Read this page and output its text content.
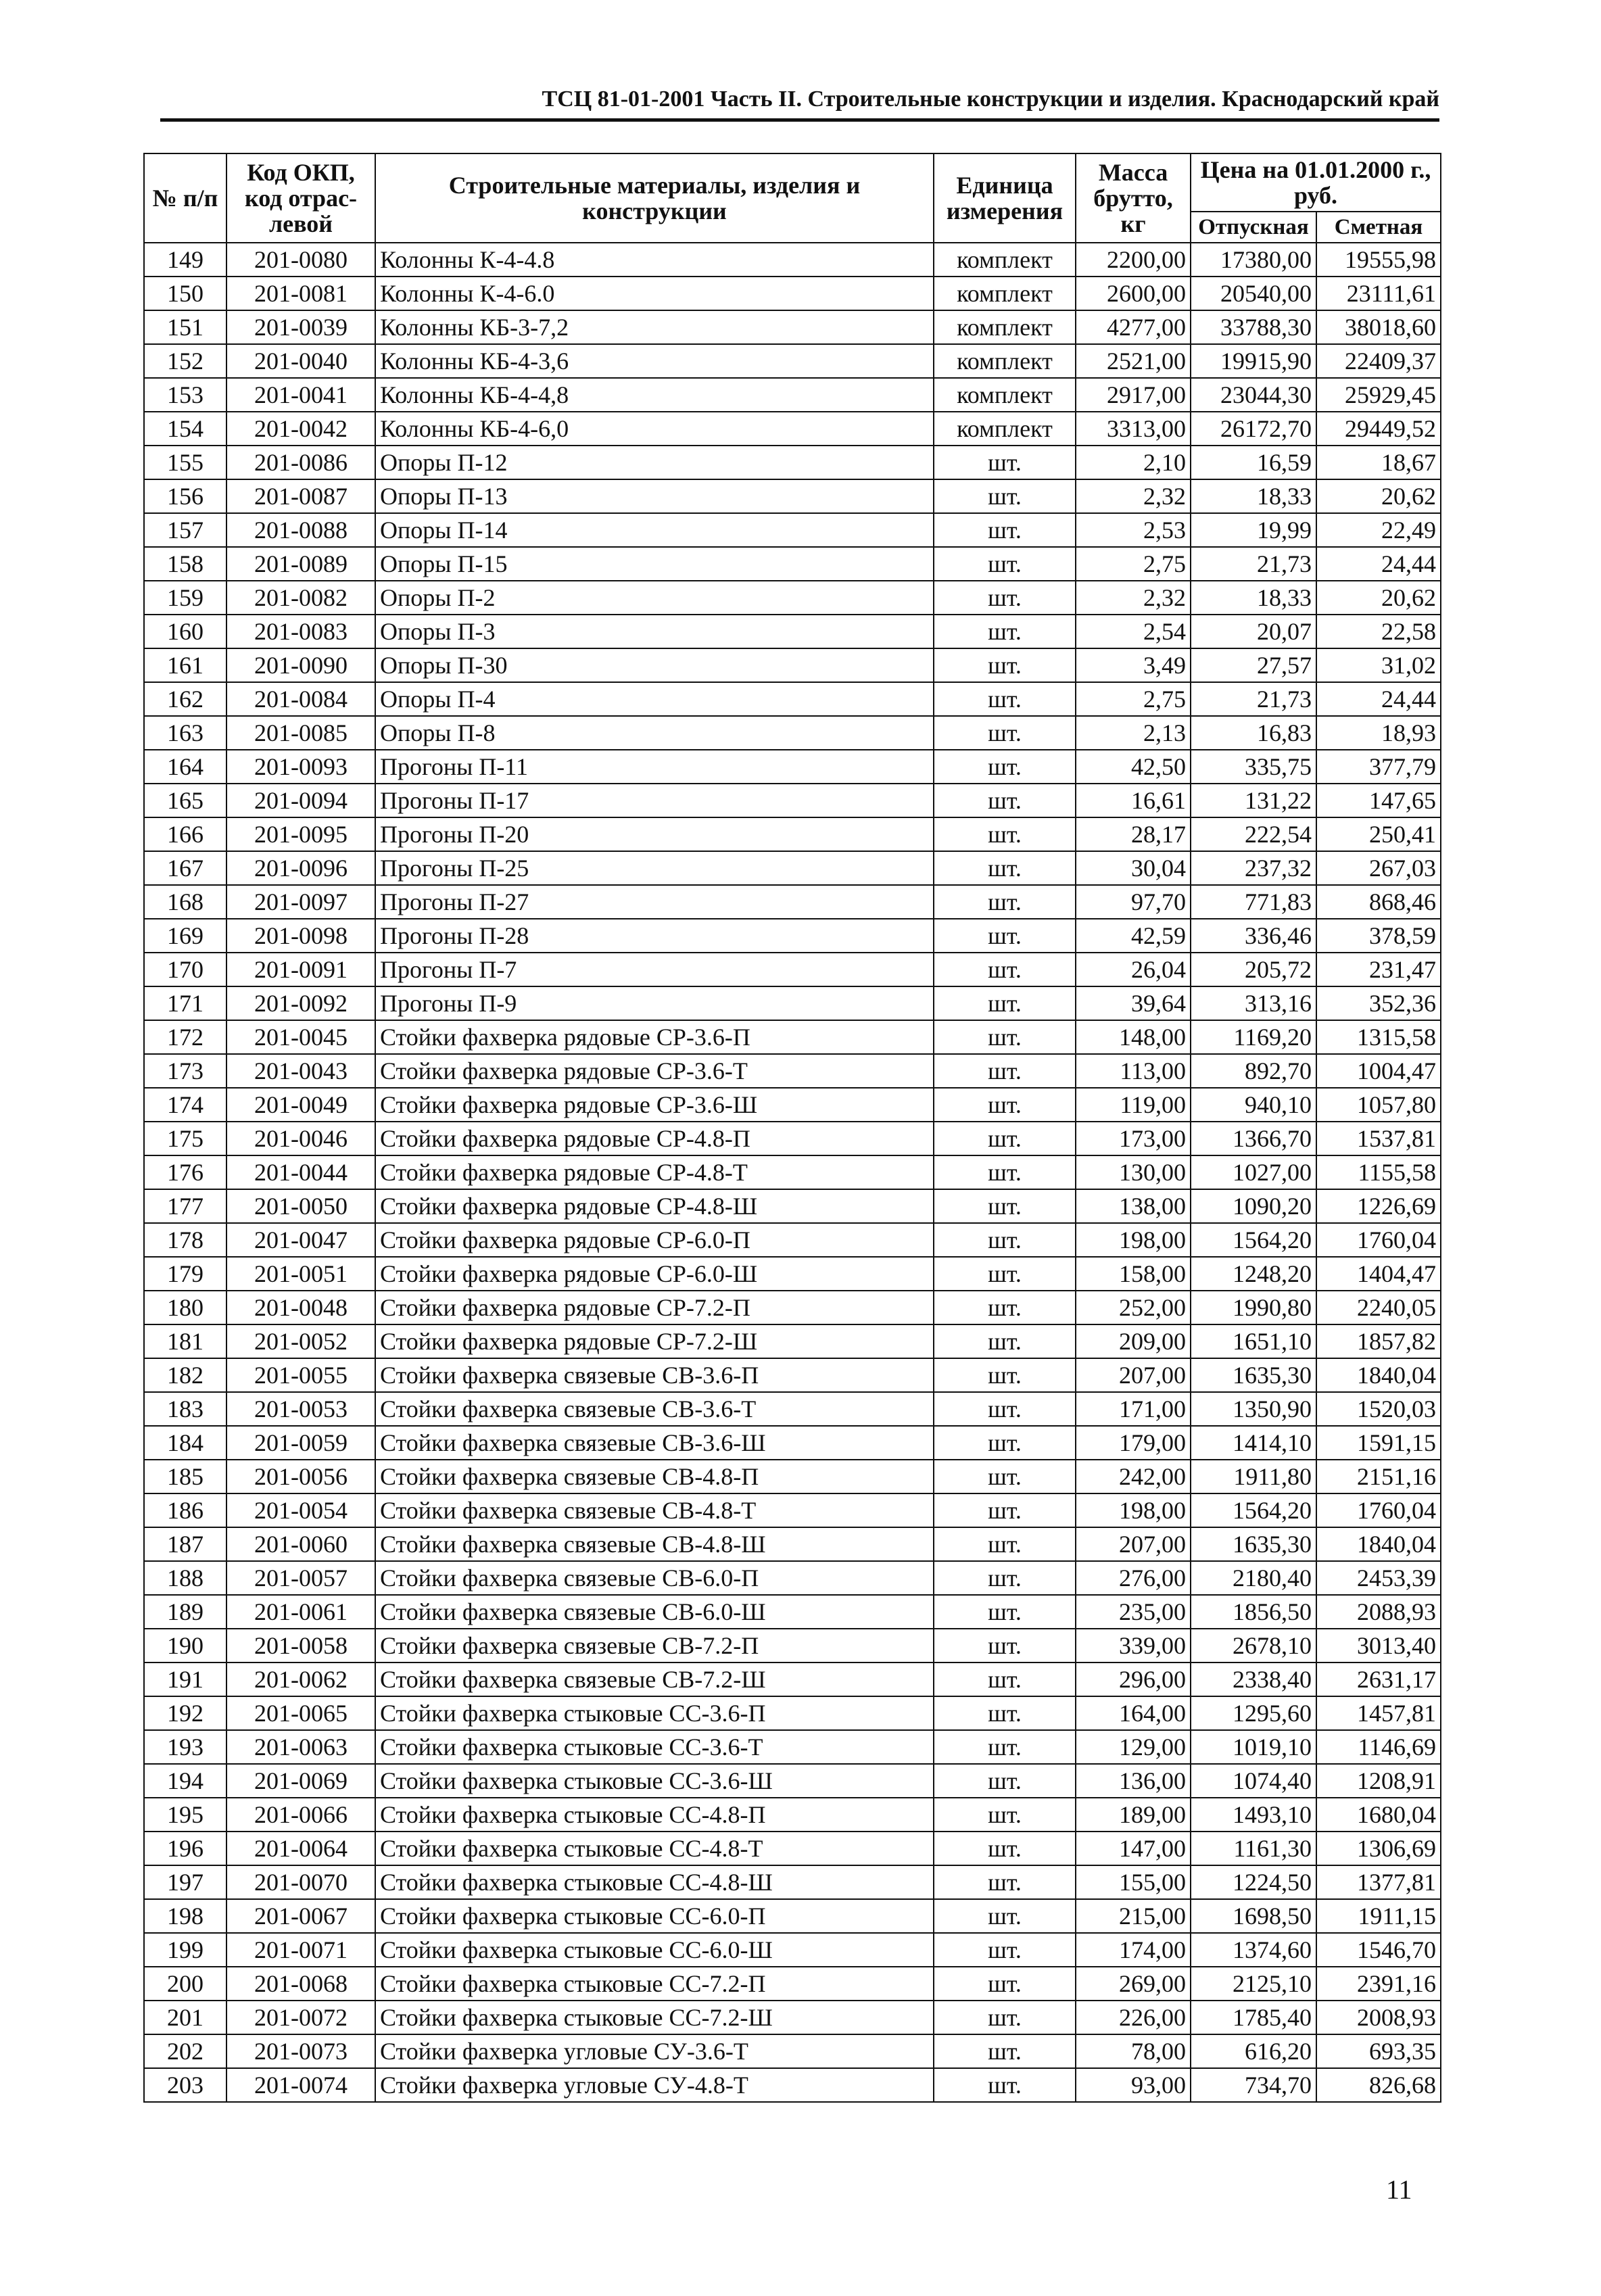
ТСЦ 81-01-2001 Часть II. Строительные конструкции и изделия. Краснодарский край
№ п/п	Код ОКП, код отрас-левой	Строительные материалы, изделия и конструкции	Единица измерения	Масса брутто, кг	Цена на 01.01.2000 г., руб.	
					Отпускная	Сметная
149	201-0080	Колонны К-4-4.8	комплект	2200,00	17380,00	19555,98
150	201-0081	Колонны К-4-6.0	комплект	2600,00	20540,00	23111,61
151	201-0039	Колонны КБ-3-7,2	комплект	4277,00	33788,30	38018,60
152	201-0040	Колонны КБ-4-3,6	комплект	2521,00	19915,90	22409,37
153	201-0041	Колонны КБ-4-4,8	комплект	2917,00	23044,30	25929,45
154	201-0042	Колонны КБ-4-6,0	комплект	3313,00	26172,70	29449,52
155	201-0086	Опоры П-12	шт.	2,10	16,59	18,67
156	201-0087	Опоры П-13	шт.	2,32	18,33	20,62
157	201-0088	Опоры П-14	шт.	2,53	19,99	22,49
158	201-0089	Опоры П-15	шт.	2,75	21,73	24,44
159	201-0082	Опоры П-2	шт.	2,32	18,33	20,62
160	201-0083	Опоры П-3	шт.	2,54	20,07	22,58
161	201-0090	Опоры П-30	шт.	3,49	27,57	31,02
162	201-0084	Опоры П-4	шт.	2,75	21,73	24,44
163	201-0085	Опоры П-8	шт.	2,13	16,83	18,93
164	201-0093	Прогоны П-11	шт.	42,50	335,75	377,79
165	201-0094	Прогоны П-17	шт.	16,61	131,22	147,65
166	201-0095	Прогоны П-20	шт.	28,17	222,54	250,41
167	201-0096	Прогоны П-25	шт.	30,04	237,32	267,03
168	201-0097	Прогоны П-27	шт.	97,70	771,83	868,46
169	201-0098	Прогоны П-28	шт.	42,59	336,46	378,59
170	201-0091	Прогоны П-7	шт.	26,04	205,72	231,47
171	201-0092	Прогоны П-9	шт.	39,64	313,16	352,36
172	201-0045	Стойки фахверка рядовые СР-3.6-П	шт.	148,00	1169,20	1315,58
173	201-0043	Стойки фахверка рядовые СР-3.6-Т	шт.	113,00	892,70	1004,47
174	201-0049	Стойки фахверка рядовые СР-3.6-Ш	шт.	119,00	940,10	1057,80
175	201-0046	Стойки фахверка рядовые СР-4.8-П	шт.	173,00	1366,70	1537,81
176	201-0044	Стойки фахверка рядовые СР-4.8-Т	шт.	130,00	1027,00	1155,58
177	201-0050	Стойки фахверка рядовые СР-4.8-Ш	шт.	138,00	1090,20	1226,69
178	201-0047	Стойки фахверка рядовые СР-6.0-П	шт.	198,00	1564,20	1760,04
179	201-0051	Стойки фахверка рядовые СР-6.0-Ш	шт.	158,00	1248,20	1404,47
180	201-0048	Стойки фахверка рядовые СР-7.2-П	шт.	252,00	1990,80	2240,05
181	201-0052	Стойки фахверка рядовые СР-7.2-Ш	шт.	209,00	1651,10	1857,82
182	201-0055	Стойки фахверка связевые СВ-3.6-П	шт.	207,00	1635,30	1840,04
183	201-0053	Стойки фахверка связевые СВ-3.6-Т	шт.	171,00	1350,90	1520,03
184	201-0059	Стойки фахверка связевые СВ-3.6-Ш	шт.	179,00	1414,10	1591,15
185	201-0056	Стойки фахверка связевые СВ-4.8-П	шт.	242,00	1911,80	2151,16
186	201-0054	Стойки фахверка связевые СВ-4.8-Т	шт.	198,00	1564,20	1760,04
187	201-0060	Стойки фахверка связевые СВ-4.8-Ш	шт.	207,00	1635,30	1840,04
188	201-0057	Стойки фахверка связевые СВ-6.0-П	шт.	276,00	2180,40	2453,39
189	201-0061	Стойки фахверка связевые СВ-6.0-Ш	шт.	235,00	1856,50	2088,93
190	201-0058	Стойки фахверка связевые СВ-7.2-П	шт.	339,00	2678,10	3013,40
191	201-0062	Стойки фахверка связевые СВ-7.2-Ш	шт.	296,00	2338,40	2631,17
192	201-0065	Стойки фахверка стыковые СС-3.6-П	шт.	164,00	1295,60	1457,81
193	201-0063	Стойки фахверка стыковые СС-3.6-Т	шт.	129,00	1019,10	1146,69
194	201-0069	Стойки фахверка стыковые СС-3.6-Ш	шт.	136,00	1074,40	1208,91
195	201-0066	Стойки фахверка стыковые СС-4.8-П	шт.	189,00	1493,10	1680,04
196	201-0064	Стойки фахверка стыковые СС-4.8-Т	шт.	147,00	1161,30	1306,69
197	201-0070	Стойки фахверка стыковые СС-4.8-Ш	шт.	155,00	1224,50	1377,81
198	201-0067	Стойки фахверка стыковые СС-6.0-П	шт.	215,00	1698,50	1911,15
199	201-0071	Стойки фахверка стыковые СС-6.0-Ш	шт.	174,00	1374,60	1546,70
200	201-0068	Стойки фахверка стыковые СС-7.2-П	шт.	269,00	2125,10	2391,16
201	201-0072	Стойки фахверка стыковые СС-7.2-Ш	шт.	226,00	1785,40	2008,93
202	201-0073	Стойки фахверка угловые СУ-3.6-Т	шт.	78,00	616,20	693,35
203	201-0074	Стойки фахверка угловые СУ-4.8-Т	шт.	93,00	734,70	826,68
11
